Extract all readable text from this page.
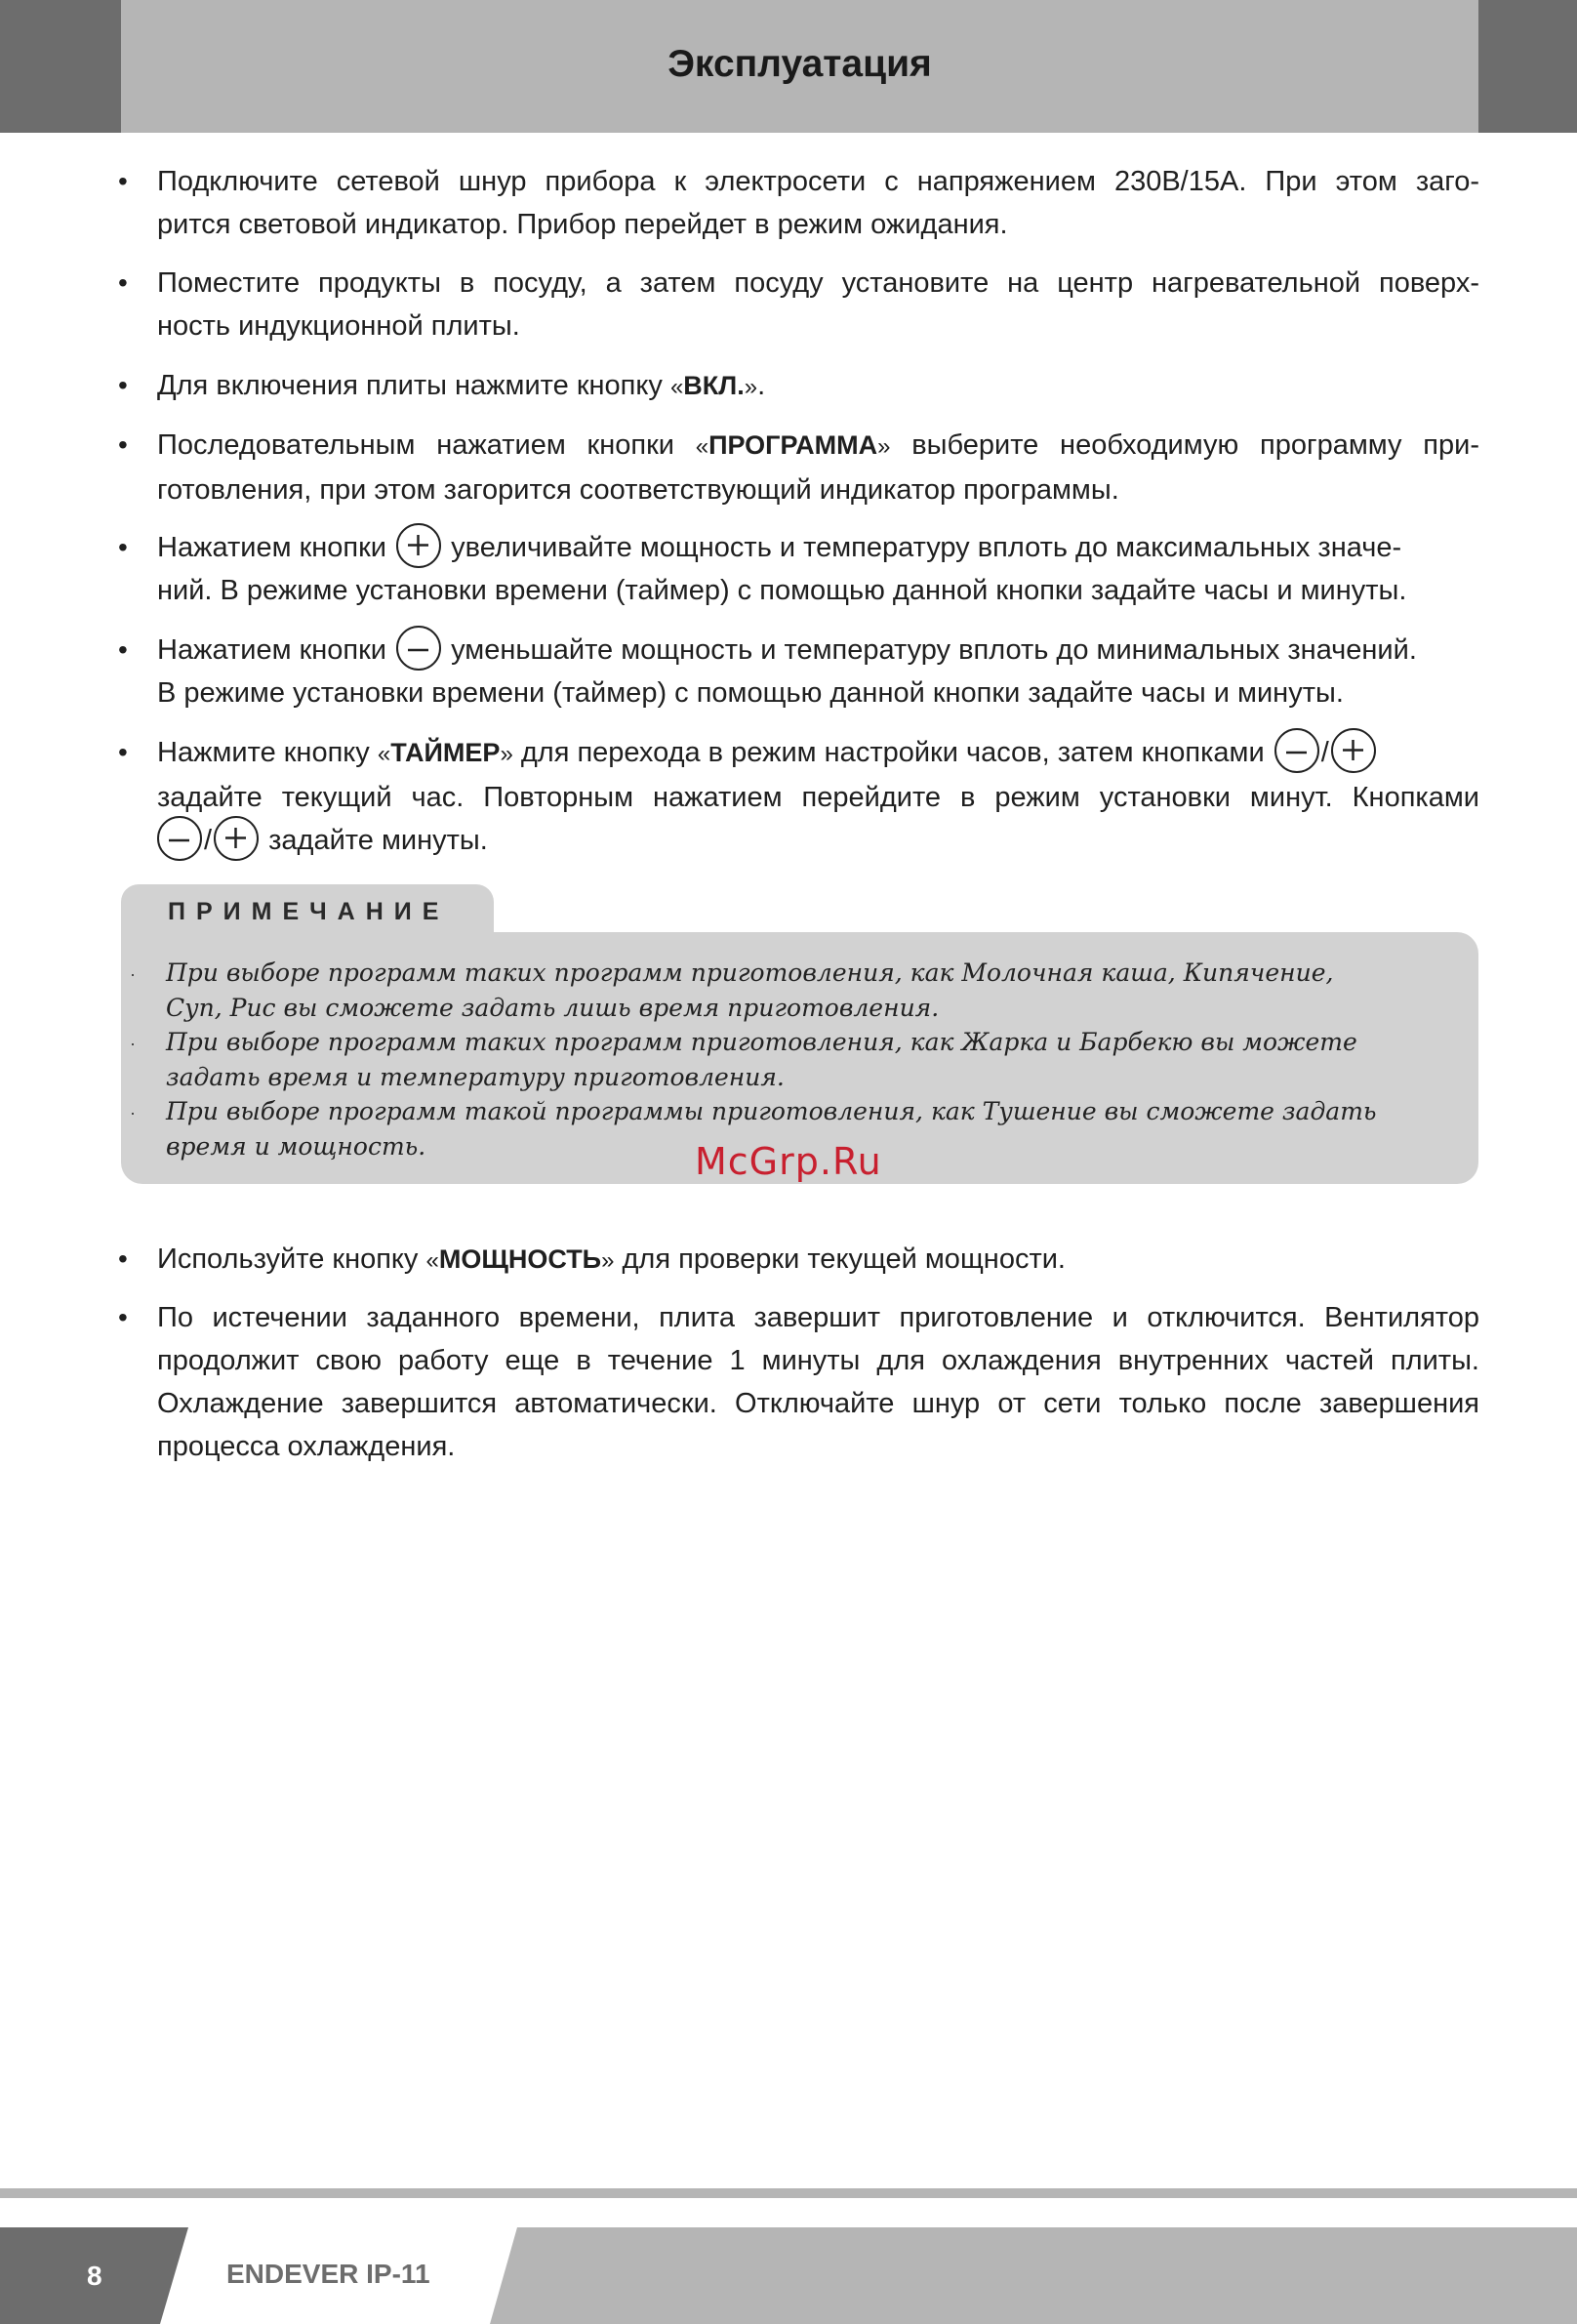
Эксплуатация
• Подключите сетевой шнур прибора к электросети с напряжением 230В/15А. При этом заго-
рится световой индикатор. Прибор перейдет в режим ожидания.
• Поместите продукты в посуду, а затем посуду установите на центр нагревательной поверх-
ность индукционной плиты.
• Для включения плиты нажмите кнопку «ВКЛ.».
• Последовательным нажатием кнопки «ПРОГРАММА» выберите необходимую программу при-
готовления, при этом загорится соответствующий индикатор программы.
• Нажатием кнопки увеличивайте мощность и температуру вплоть до максимальных значе-
ний. В режиме установки времени (таймер) с помощью данной кнопки задайте часы и минуты.
• Нажатием кнопки уменьшайте мощность и температуру вплоть до минимальных значений.
В режиме установки времени (таймер) с помощью данной кнопки задайте часы и минуты.
• Нажмите кнопку «ТАЙМЕР» для перехода в режим настройки часов, затем кнопками /
задайте текущий час. Повторным нажатием перейдите в режим установки минут. Кнопками
/ задайте минуты.
ПРИМЕЧАНИЕ
· При выборе программ таких программ приготовления, как Молочная каша, Кипячение,
Суп, Рис вы сможете задать лишь время приготовления.
· При выборе программ таких программ приготовления, как Жарка и Барбекю вы можете
задать время и температуру приготовления.
· При выборе программ такой программы приготовления, как Тушение вы сможете задать
время и мощность.	McGrp.Ru
• Используйте кнопку «МОЩНОСТЬ» для проверки текущей мощности.
• По истечении заданного времени, плита завершит приготовление и отключится. Вентилятор
продолжит свою работу еще в течение 1 минуты для охлаждения внутренних частей плиты.
Охлаждение завершится автоматически. Отключайте шнур от сети только после завершения
процесса охлаждения.
8	ENDEVER IP-11
